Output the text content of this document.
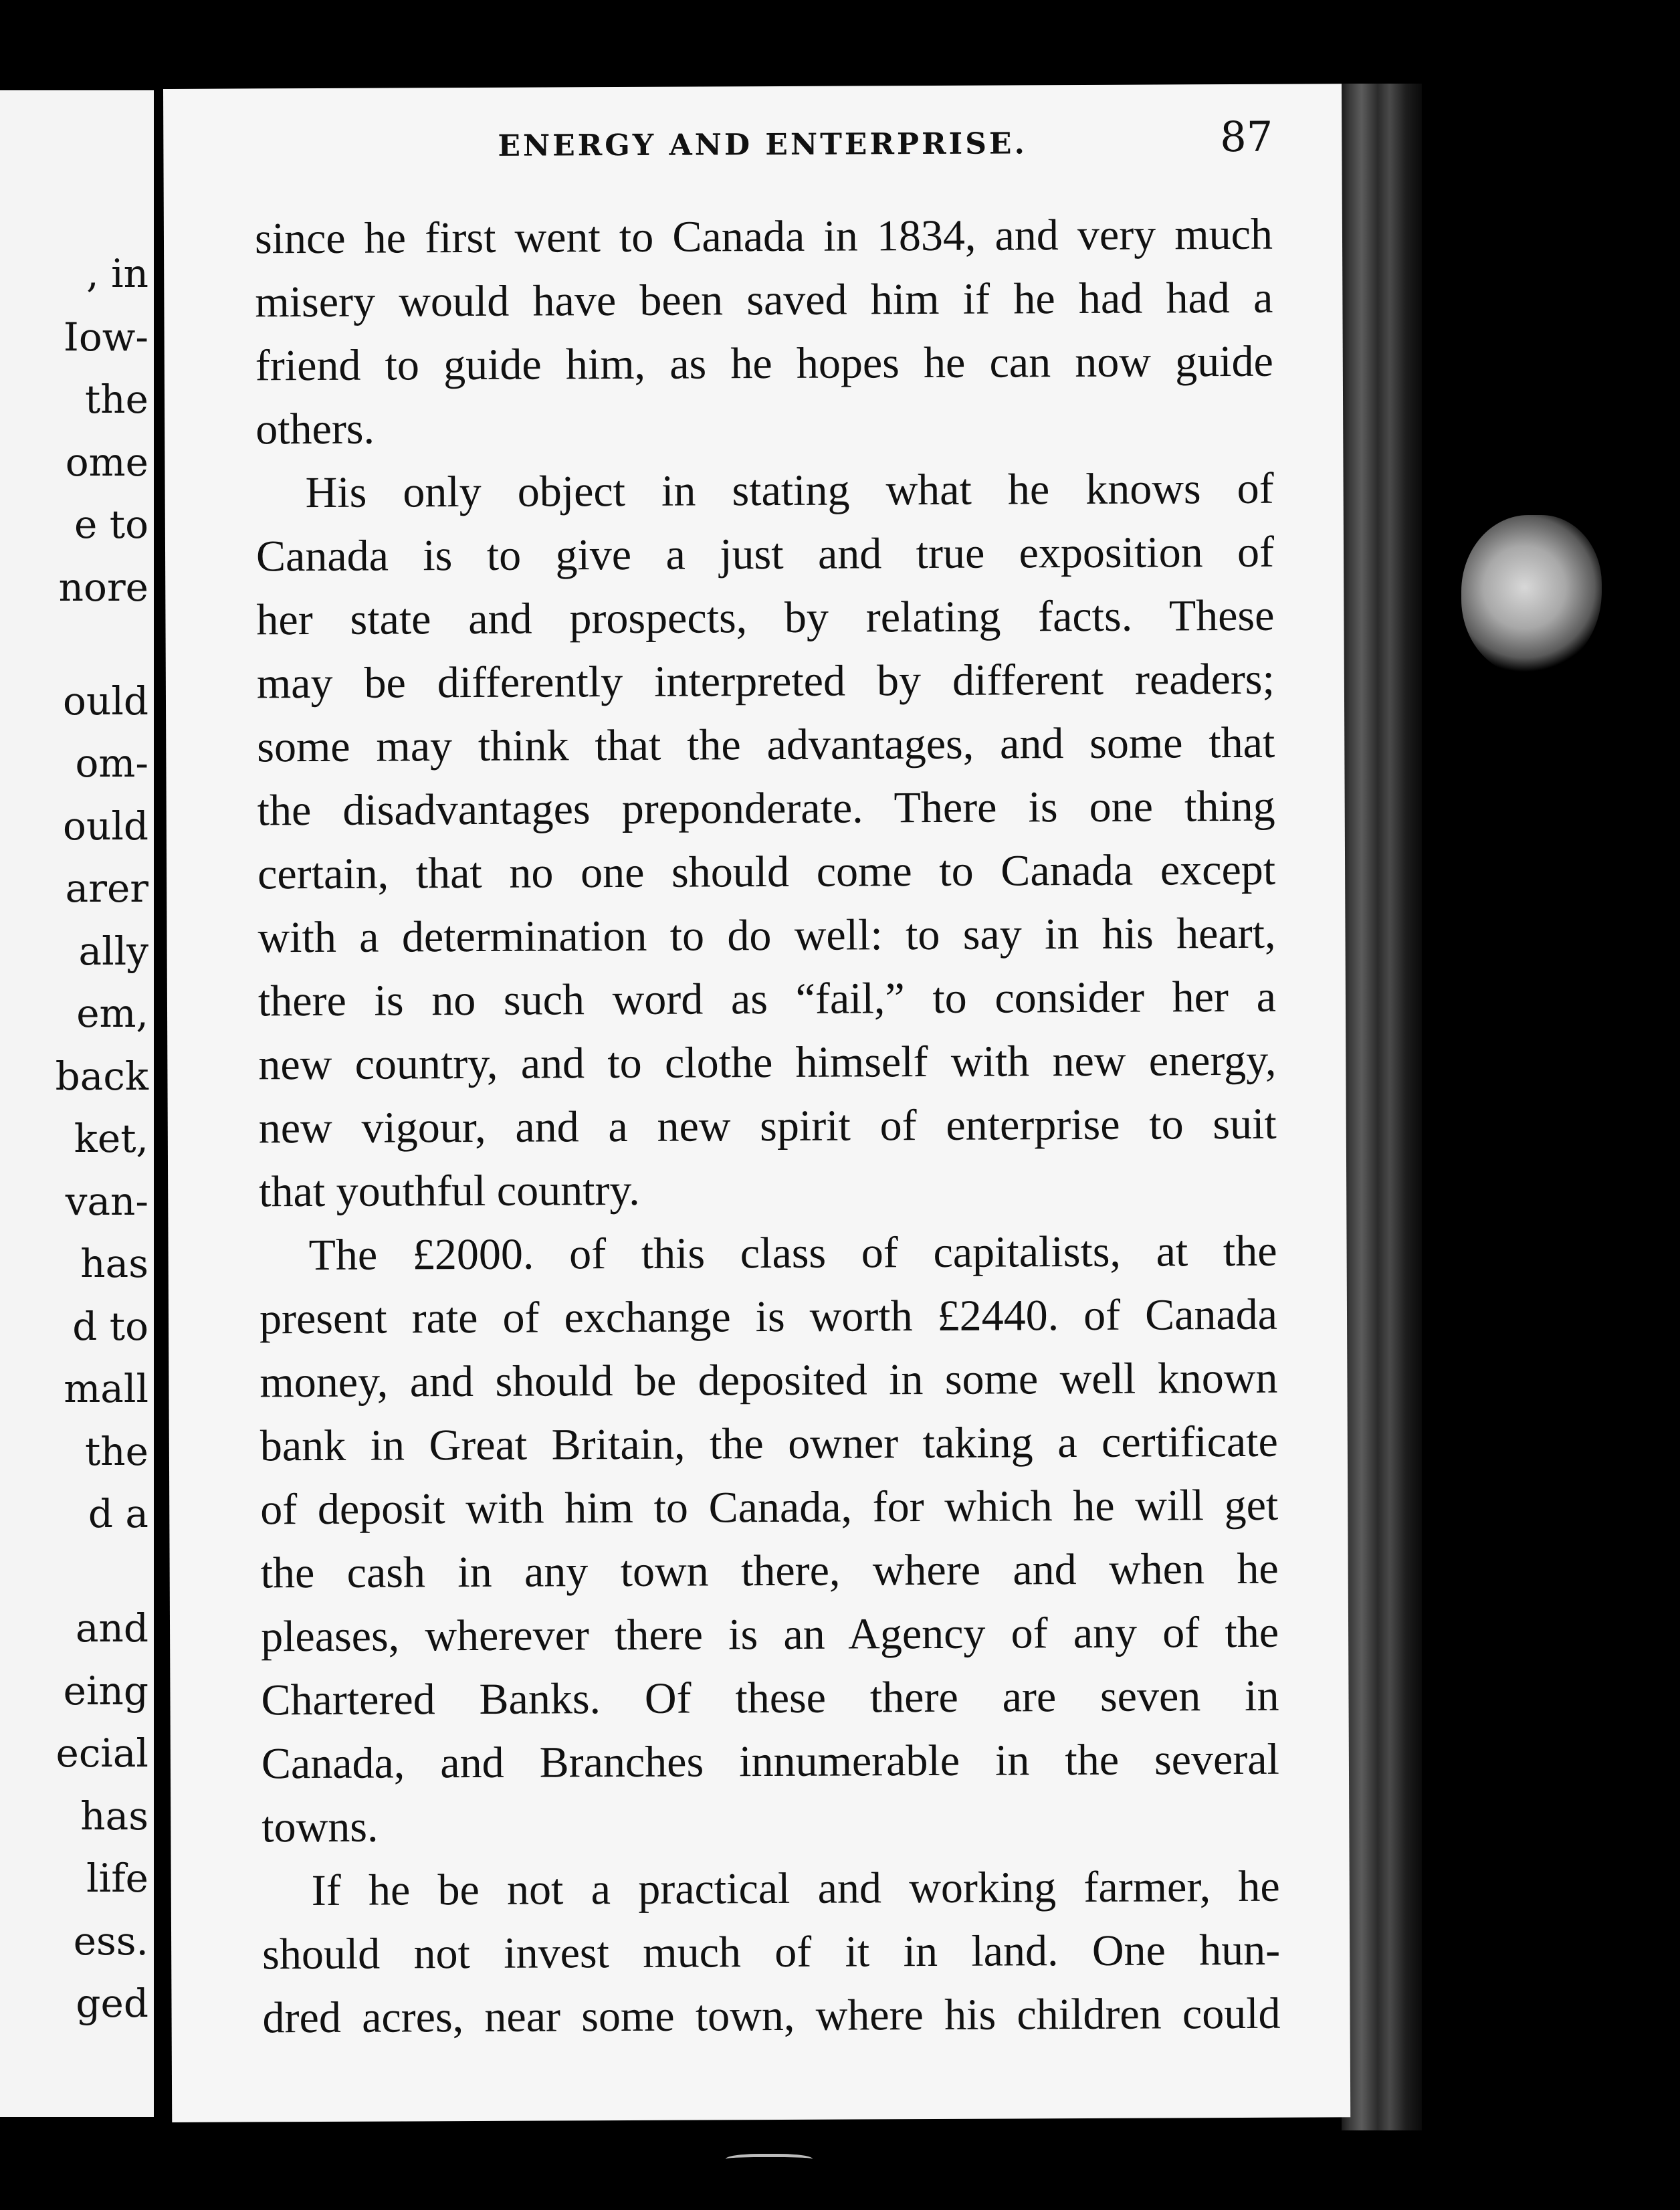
, in
Iow-
the
ome
e to
nore
ould
om-
ould
arer
ally
em,
back
ket,
van-
has
d to
mall
the
d a
and
eing
ecial
has
life
ess.
ged
ENERGY AND ENTERPRISE.	87
since he first went to Canada in 1834, and very much
misery would have been saved him if he had had a
friend to guide him, as he hopes he can now guide
others.
His only object in stating what he knows of
Canada is to give a just and true exposition of
her state and prospects, by relating facts. These
may be differently interpreted by different readers;
some may think that the advantages, and some that
the disadvantages preponderate. There is one thing
certain, that no one should come to Canada except
with a determination to do well: to say in his heart,
there is no such word as “fail,” to consider her a
new country, and to clothe himself with new energy,
new vigour, and a new spirit of enterprise to suit
that youthful country.
The £2000. of this class of capitalists, at the
present rate of exchange is worth £2440. of Canada
money, and should be deposited in some well known
bank in Great Britain, the owner taking a certificate
of deposit with him to Canada, for which he will get
the cash in any town there, where and when he
pleases, wherever there is an Agency of any of the
Chartered Banks. Of these there are seven in
Canada, and Branches innumerable in the several
towns.
If he be not a practical and working farmer, he
should not invest much of it in land. One hun-
dred acres, near some town, where his children could
